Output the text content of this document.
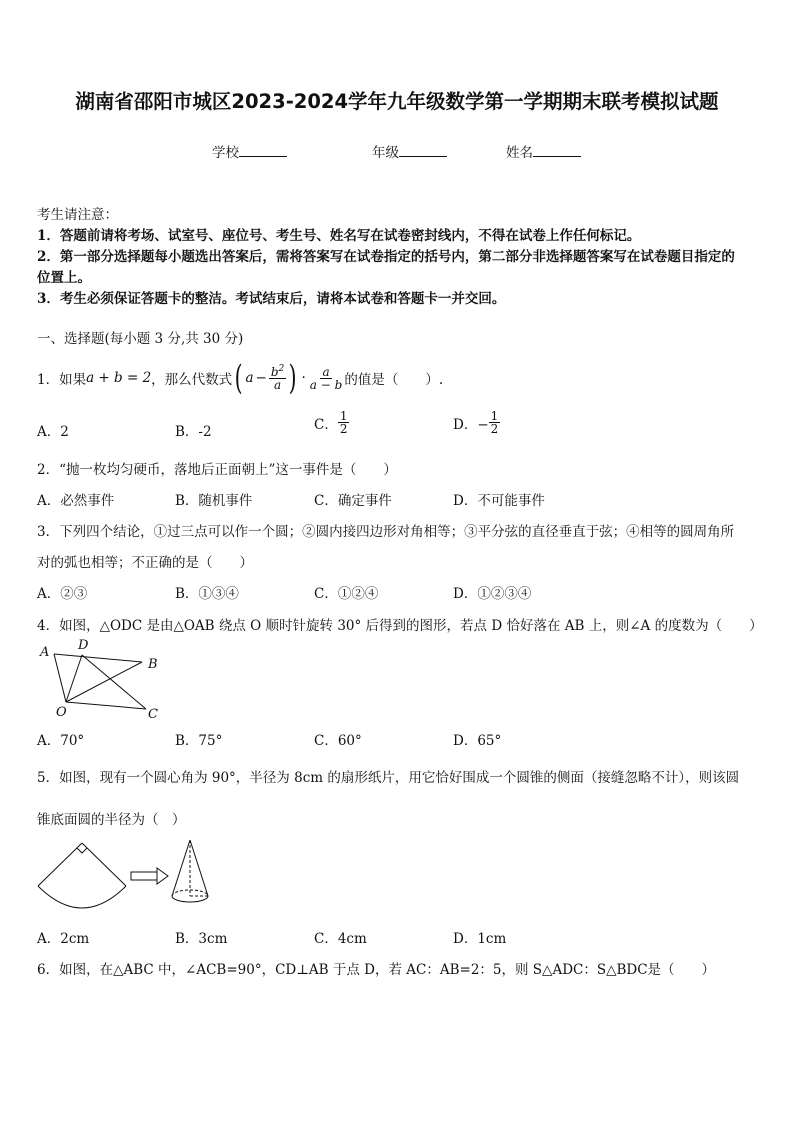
湖南省邵阳市城区2023-2024学年九年级数学第一学期期末联考模拟试题
学校	年级	姓名
考生请注意：
1．答题前请将考场、试室号、座位号、考生号、姓名写在试卷密封线内，不得在试卷上作任何标记。
2．第一部分选择题每小题选出答案后，需将答案写在试卷指定的括号内，第二部分非选择题答案写在试卷题目指定的
位置上。
3．考生必须保证答题卡的整洁。考试结束后，请将本试卷和答题卡一并交回。
一、选择题(每小题 3 分,共 30 分)
1．如果 a + b = 2 ，那么代数式 ( $a - \frac{b^2}{a}$ ) · $\frac{a}{a - b}$ 的值是（　　）.
A．2	B．-2	C． $\frac{1}{2}$	D．− $\frac{1}{2}$
2．“抛一枚均匀硬币，落地后正面朝上”这一事件是（　　）
A．必然事件	B．随机事件	C．确定事件	D．不可能事件
3．下列四个结论，①过三点可以作一个圆；②圆内接四边形对角相等；③平分弦的直径垂直于弦；④相等的圆周角所
对的弧也相等；不正确的是（　　）
A．②③	B．①③④	C．①②④	D．①②③④
4．如图，△ODC 是由△OAB 绕点 O 顺时针旋转 30° 后得到的图形，若点 D 恰好落在 AB 上，则∠A 的度数为（　　）
A D
B
O	C
A．70°	B．75°	C．60°	D．65°
5．如图，现有一个圆心角为 90°，半径为 8cm 的扇形纸片，用它恰好围成一个圆锥的侧面（接缝忽略不计），则该圆
锥底面圆的半径为（　）
A．2cm	B．3cm	C．4cm	D．1cm
6．如图，在△ABC 中，∠ACB=90°，CD⊥AB 于点 D，若 AC：AB=2：5，则 S△ADC：S△BDC是（　　）
